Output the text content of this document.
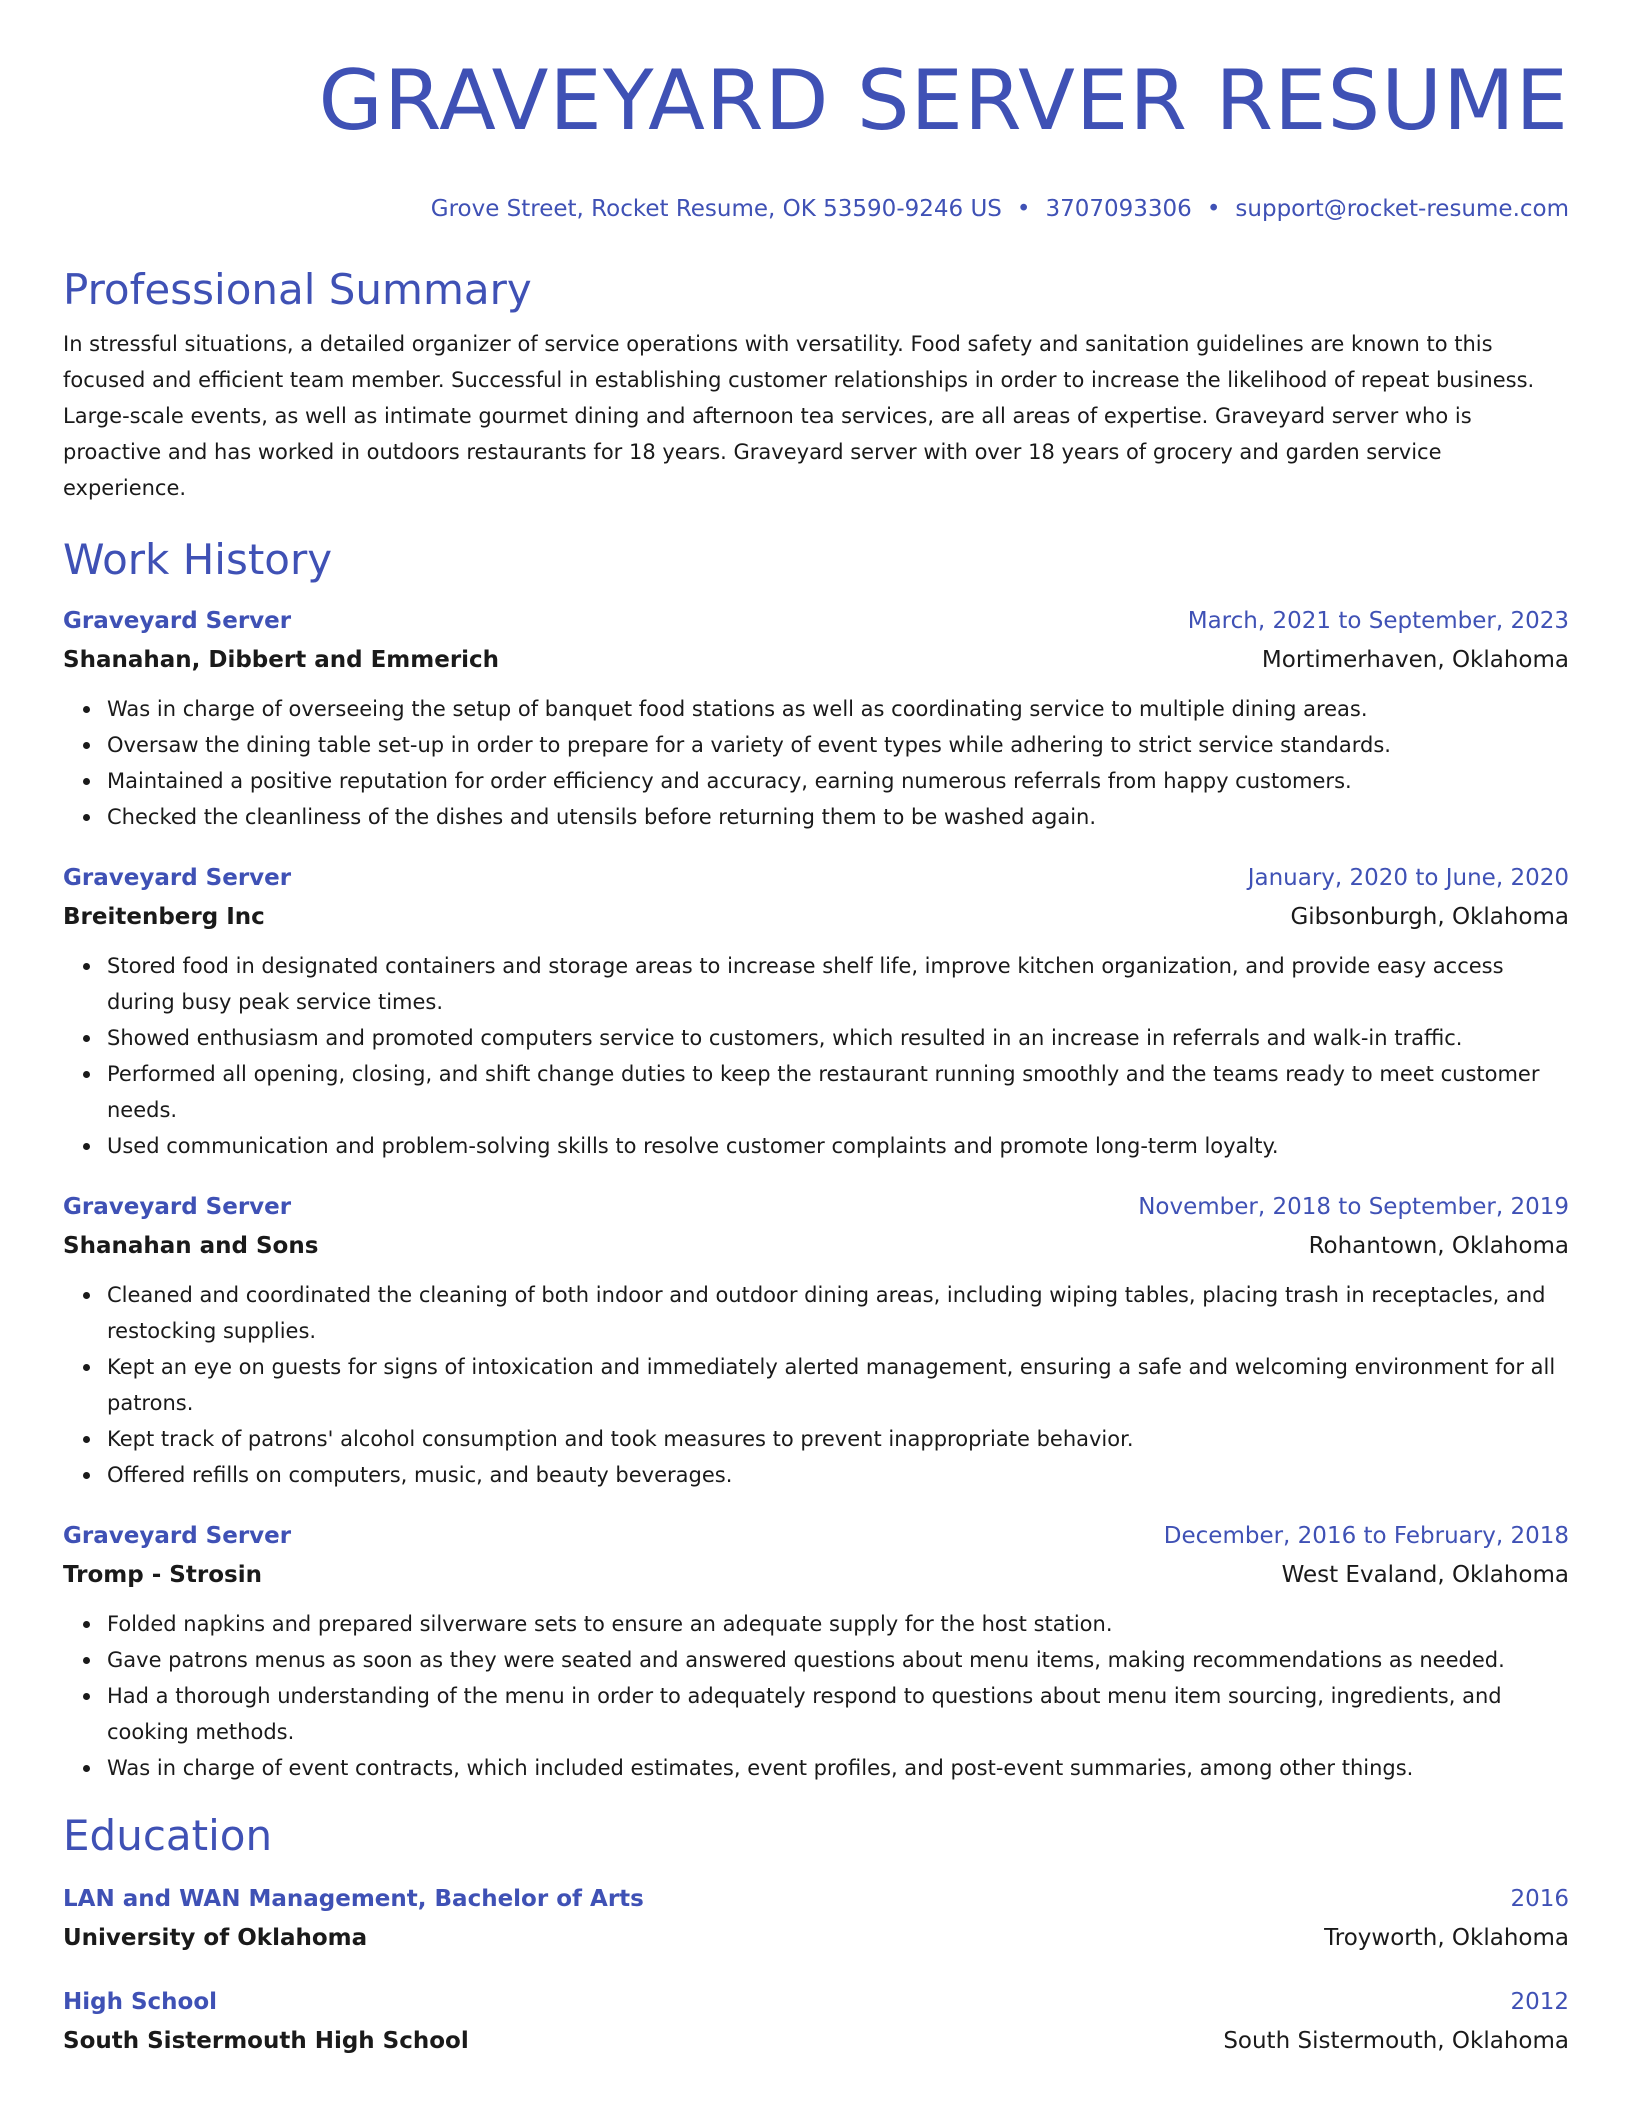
GRAVEYARD SERVER RESUME
Grove Street, Rocket Resume, OK 53590-9246 US • 3707093306 • support@rocket-resume.com
Professional Summary
In stressful situations, a detailed organizer of service operations with versatility. Food safety and sanitation guidelines are known to this focused and efficient team member. Successful in establishing customer relationships in order to increase the likelihood of repeat business. Large-scale events, as well as intimate gourmet dining and afternoon tea services, are all areas of expertise. Graveyard server who is proactive and has worked in outdoors restaurants for 18 years. Graveyard server with over 18 years of grocery and garden service experience.
Work History
Graveyard Server	March, 2021 to September, 2023
Shanahan, Dibbert and Emmerich	Mortimerhaven, Oklahoma
Was in charge of overseeing the setup of banquet food stations as well as coordinating service to multiple dining areas.
Oversaw the dining table set-up in order to prepare for a variety of event types while adhering to strict service standards.
Maintained a positive reputation for order efficiency and accuracy, earning numerous referrals from happy customers.
Checked the cleanliness of the dishes and utensils before returning them to be washed again.
Graveyard Server	January, 2020 to June, 2020
Breitenberg Inc	Gibsonburgh, Oklahoma
Stored food in designated containers and storage areas to increase shelf life, improve kitchen organization, and provide easy access during busy peak service times.
Showed enthusiasm and promoted computers service to customers, which resulted in an increase in referrals and walk-in traffic.
Performed all opening, closing, and shift change duties to keep the restaurant running smoothly and the teams ready to meet customer needs.
Used communication and problem-solving skills to resolve customer complaints and promote long-term loyalty.
Graveyard Server	November, 2018 to September, 2019
Shanahan and Sons	Rohantown, Oklahoma
Cleaned and coordinated the cleaning of both indoor and outdoor dining areas, including wiping tables, placing trash in receptacles, and restocking supplies.
Kept an eye on guests for signs of intoxication and immediately alerted management, ensuring a safe and welcoming environment for all patrons.
Kept track of patrons' alcohol consumption and took measures to prevent inappropriate behavior.
Offered refills on computers, music, and beauty beverages.
Graveyard Server	December, 2016 to February, 2018
Tromp - Strosin	West Evaland, Oklahoma
Folded napkins and prepared silverware sets to ensure an adequate supply for the host station.
Gave patrons menus as soon as they were seated and answered questions about menu items, making recommendations as needed.
Had a thorough understanding of the menu in order to adequately respond to questions about menu item sourcing, ingredients, and cooking methods.
Was in charge of event contracts, which included estimates, event profiles, and post-event summaries, among other things.
Education
LAN and WAN Management, Bachelor of Arts	2016
University of Oklahoma	Troyworth, Oklahoma
High School	2012
South Sistermouth High School	South Sistermouth, Oklahoma
